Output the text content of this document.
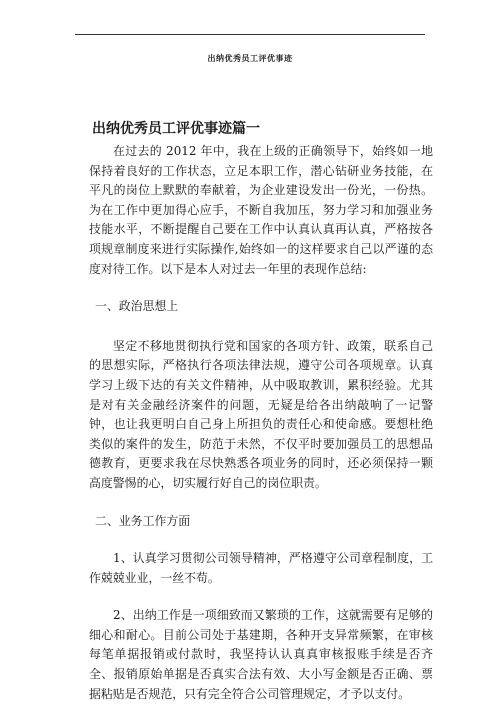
出纳优秀员工评优事迹
出纳优秀员工评优事迹篇一

在过去的 2012 年中，我在上级的正确领导下，始终如一地保持着良好的工作状态，立足本职工作，潜心钻研业务技能，在平凡的岗位上默默的奉献着，为企业建设发出一份光，一份热。为在工作中更加得心应手，不断自我加压，努力学习和加强业务技能水平，不断提醒自己要在工作中认真认真再认真，严格按各项规章制度来进行实际操作,始终如一的这样要求自己以严谨的态度对待工作。以下是本人对过去一年里的表现作总结:

一、政治思想上

坚定不移地贯彻执行党和国家的各项方针、政策，联系自己的思想实际，严格执行各项法律法规，遵守公司各项规章。认真学习上级下达的有关文件精神，从中吸取教训，累积经验。尤其是对有关金融经济案件的问题，无疑是给各出纳敲响了一记警钟，也让我更明白自己身上所担负的责任心和使命感。要想杜绝类似的案件的发生，防范于未然，不仅平时要加强员工的思想品德教育，更要求我在尽快熟悉各项业务的同时，还必须保持一颗高度警惕的心，切实履行好自己的岗位职责。

二、业务工作方面

1、认真学习贯彻公司领导精神，严格遵守公司章程制度，工作兢兢业业，一丝不苟。

2、出纳工作是一项细致而又繁琐的工作，这就需要有足够的细心和耐心。目前公司处于基建期，各种开支异常频繁，在审核每笔单据报销或付款时，我坚持认认真真审核报账手续是否齐全、报销原始单据是否真实合法有效、大小写金额是否正确、票据粘贴是否规范，只有完全符合公司管理规定，才予以支付。
